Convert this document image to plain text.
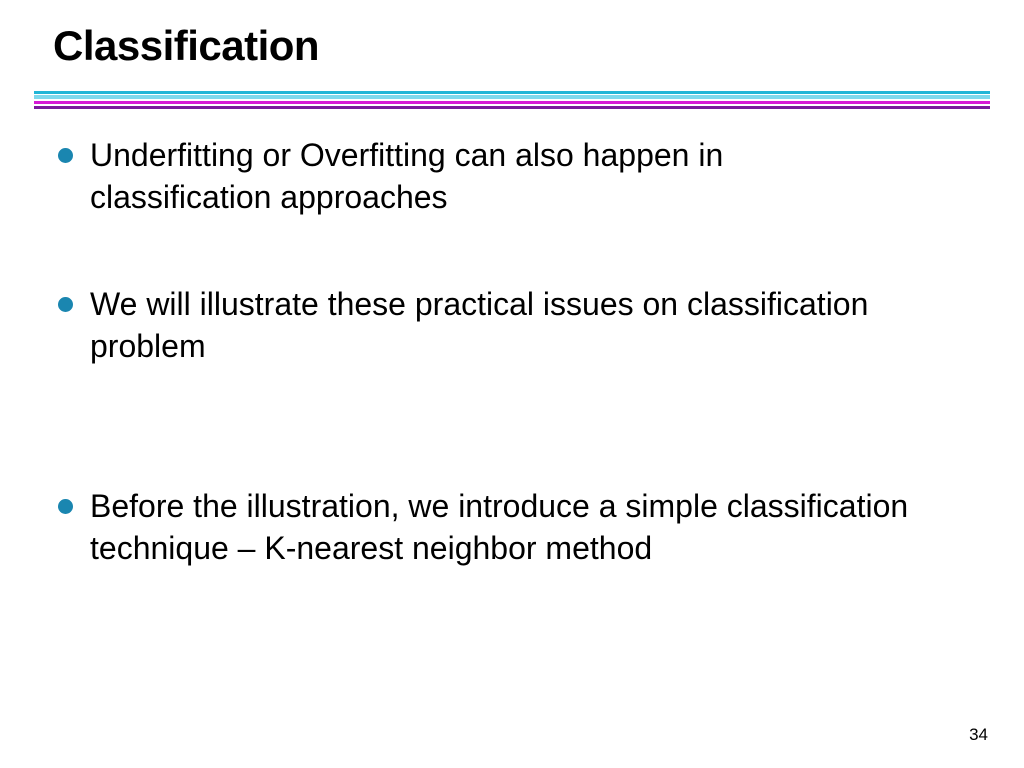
Classification
Underfitting or Overfitting can also happen in classification approaches
We will illustrate these practical issues on classification problem
Before the illustration, we introduce a simple classification technique – K-nearest neighbor method
34
